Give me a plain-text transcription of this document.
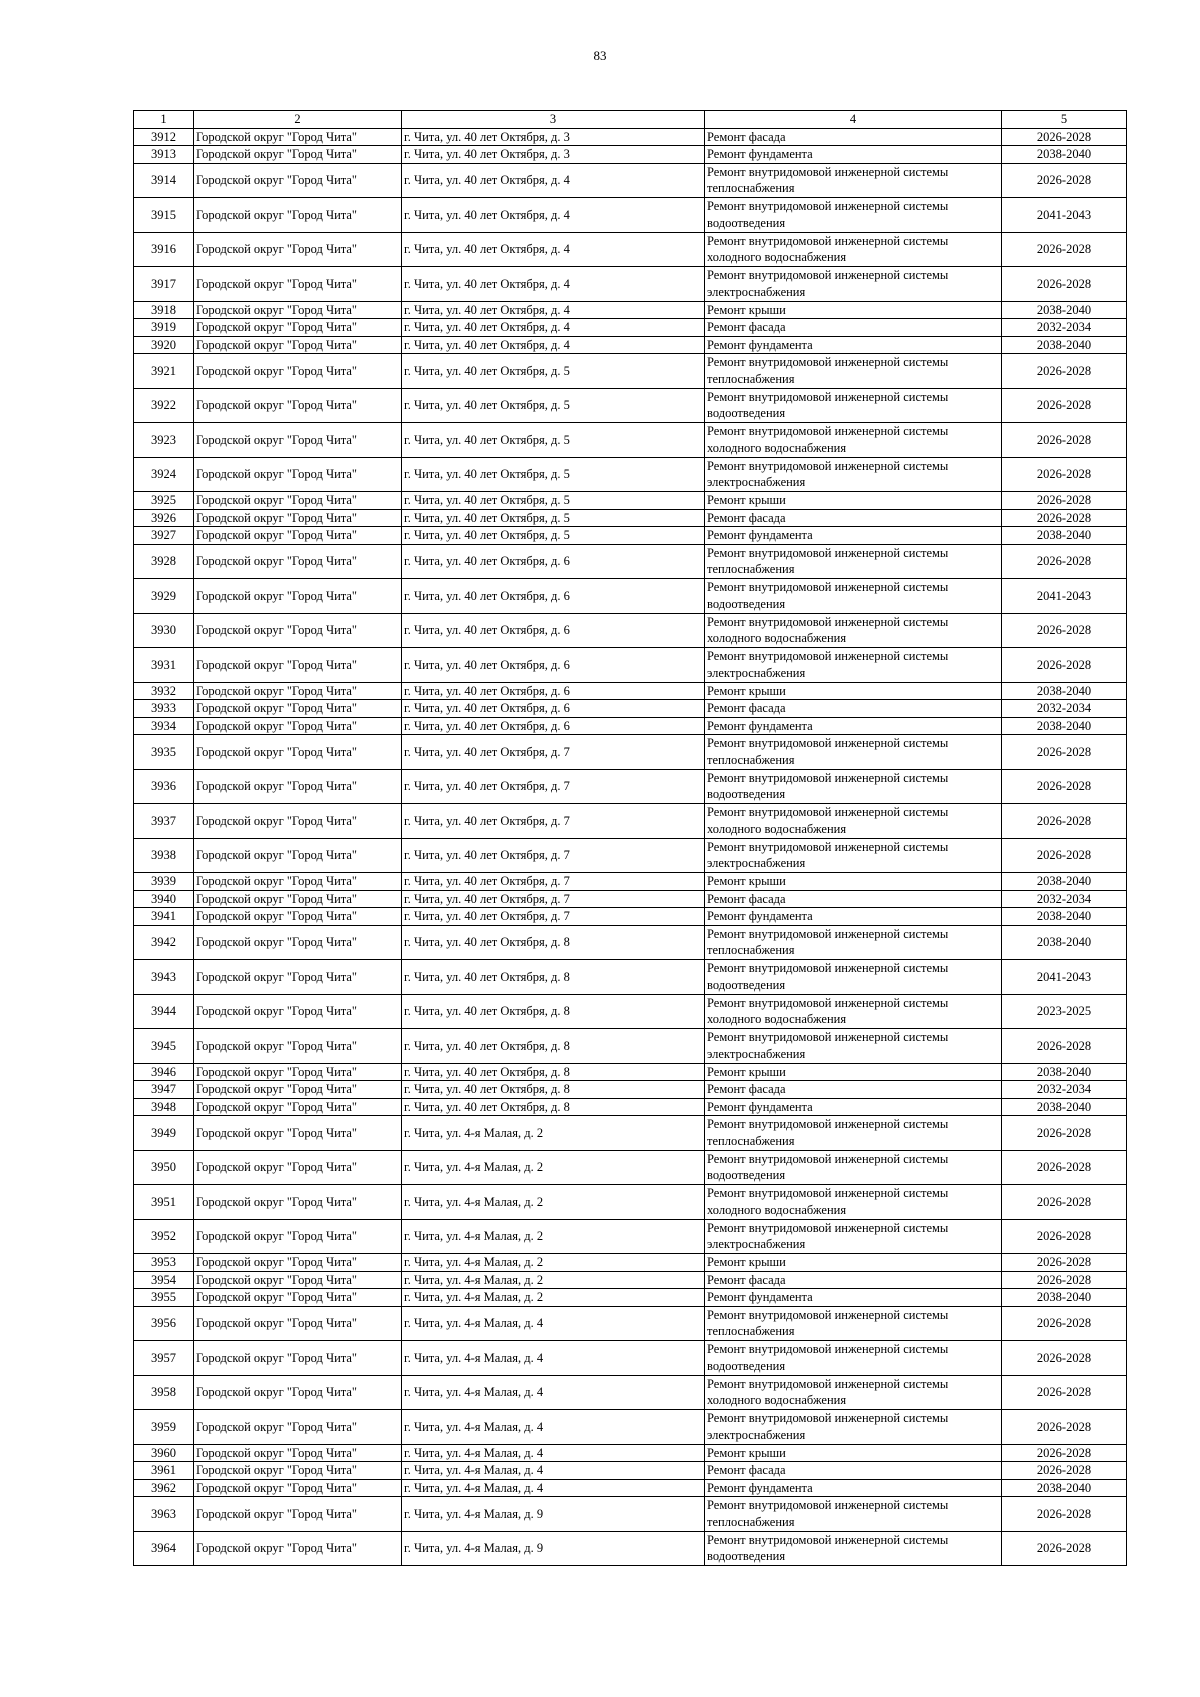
83
1	2	3	4	5
3912	Городской округ "Город Чита"	г. Чита, ул. 40 лет Октября, д. 3	Ремонт фасада	2026-2028
3913	Городской округ "Город Чита"	г. Чита, ул. 40 лет Октября, д. 3	Ремонт фундамента	2038-2040
3914	Городской округ "Город Чита"	г. Чита, ул. 40 лет Октября, д. 4	Ремонт внутридомовой инженерной системы теплоснабжения	2026-2028
3915	Городской округ "Город Чита"	г. Чита, ул. 40 лет Октября, д. 4	Ремонт внутридомовой инженерной системы водоотведения	2041-2043
3916	Городской округ "Город Чита"	г. Чита, ул. 40 лет Октября, д. 4	Ремонт внутридомовой инженерной системы холодного водоснабжения	2026-2028
3917	Городской округ "Город Чита"	г. Чита, ул. 40 лет Октября, д. 4	Ремонт внутридомовой инженерной системы электроснабжения	2026-2028
3918	Городской округ "Город Чита"	г. Чита, ул. 40 лет Октября, д. 4	Ремонт крыши	2038-2040
3919	Городской округ "Город Чита"	г. Чита, ул. 40 лет Октября, д. 4	Ремонт фасада	2032-2034
3920	Городской округ "Город Чита"	г. Чита, ул. 40 лет Октября, д. 4	Ремонт фундамента	2038-2040
3921	Городской округ "Город Чита"	г. Чита, ул. 40 лет Октября, д. 5	Ремонт внутридомовой инженерной системы теплоснабжения	2026-2028
3922	Городской округ "Город Чита"	г. Чита, ул. 40 лет Октября, д. 5	Ремонт внутридомовой инженерной системы водоотведения	2026-2028
3923	Городской округ "Город Чита"	г. Чита, ул. 40 лет Октября, д. 5	Ремонт внутридомовой инженерной системы холодного водоснабжения	2026-2028
3924	Городской округ "Город Чита"	г. Чита, ул. 40 лет Октября, д. 5	Ремонт внутридомовой инженерной системы электроснабжения	2026-2028
3925	Городской округ "Город Чита"	г. Чита, ул. 40 лет Октября, д. 5	Ремонт крыши	2026-2028
3926	Городской округ "Город Чита"	г. Чита, ул. 40 лет Октября, д. 5	Ремонт фасада	2026-2028
3927	Городской округ "Город Чита"	г. Чита, ул. 40 лет Октября, д. 5	Ремонт фундамента	2038-2040
3928	Городской округ "Город Чита"	г. Чита, ул. 40 лет Октября, д. 6	Ремонт внутридомовой инженерной системы теплоснабжения	2026-2028
3929	Городской округ "Город Чита"	г. Чита, ул. 40 лет Октября, д. 6	Ремонт внутридомовой инженерной системы водоотведения	2041-2043
3930	Городской округ "Город Чита"	г. Чита, ул. 40 лет Октября, д. 6	Ремонт внутридомовой инженерной системы холодного водоснабжения	2026-2028
3931	Городской округ "Город Чита"	г. Чита, ул. 40 лет Октября, д. 6	Ремонт внутридомовой инженерной системы электроснабжения	2026-2028
3932	Городской округ "Город Чита"	г. Чита, ул. 40 лет Октября, д. 6	Ремонт крыши	2038-2040
3933	Городской округ "Город Чита"	г. Чита, ул. 40 лет Октября, д. 6	Ремонт фасада	2032-2034
3934	Городской округ "Город Чита"	г. Чита, ул. 40 лет Октября, д. 6	Ремонт фундамента	2038-2040
3935	Городской округ "Город Чита"	г. Чита, ул. 40 лет Октября, д. 7	Ремонт внутридомовой инженерной системы теплоснабжения	2026-2028
3936	Городской округ "Город Чита"	г. Чита, ул. 40 лет Октября, д. 7	Ремонт внутридомовой инженерной системы водоотведения	2026-2028
3937	Городской округ "Город Чита"	г. Чита, ул. 40 лет Октября, д. 7	Ремонт внутридомовой инженерной системы холодного водоснабжения	2026-2028
3938	Городской округ "Город Чита"	г. Чита, ул. 40 лет Октября, д. 7	Ремонт внутридомовой инженерной системы электроснабжения	2026-2028
3939	Городской округ "Город Чита"	г. Чита, ул. 40 лет Октября, д. 7	Ремонт крыши	2038-2040
3940	Городской округ "Город Чита"	г. Чита, ул. 40 лет Октября, д. 7	Ремонт фасада	2032-2034
3941	Городской округ "Город Чита"	г. Чита, ул. 40 лет Октября, д. 7	Ремонт фундамента	2038-2040
3942	Городской округ "Город Чита"	г. Чита, ул. 40 лет Октября, д. 8	Ремонт внутридомовой инженерной системы теплоснабжения	2038-2040
3943	Городской округ "Город Чита"	г. Чита, ул. 40 лет Октября, д. 8	Ремонт внутридомовой инженерной системы водоотведения	2041-2043
3944	Городской округ "Город Чита"	г. Чита, ул. 40 лет Октября, д. 8	Ремонт внутридомовой инженерной системы холодного водоснабжения	2023-2025
3945	Городской округ "Город Чита"	г. Чита, ул. 40 лет Октября, д. 8	Ремонт внутридомовой инженерной системы электроснабжения	2026-2028
3946	Городской округ "Город Чита"	г. Чита, ул. 40 лет Октября, д. 8	Ремонт крыши	2038-2040
3947	Городской округ "Город Чита"	г. Чита, ул. 40 лет Октября, д. 8	Ремонт фасада	2032-2034
3948	Городской округ "Город Чита"	г. Чита, ул. 40 лет Октября, д. 8	Ремонт фундамента	2038-2040
3949	Городской округ "Город Чита"	г. Чита, ул. 4-я Малая, д. 2	Ремонт внутридомовой инженерной системы теплоснабжения	2026-2028
3950	Городской округ "Город Чита"	г. Чита, ул. 4-я Малая, д. 2	Ремонт внутридомовой инженерной системы водоотведения	2026-2028
3951	Городской округ "Город Чита"	г. Чита, ул. 4-я Малая, д. 2	Ремонт внутридомовой инженерной системы холодного водоснабжения	2026-2028
3952	Городской округ "Город Чита"	г. Чита, ул. 4-я Малая, д. 2	Ремонт внутридомовой инженерной системы электроснабжения	2026-2028
3953	Городской округ "Город Чита"	г. Чита, ул. 4-я Малая, д. 2	Ремонт крыши	2026-2028
3954	Городской округ "Город Чита"	г. Чита, ул. 4-я Малая, д. 2	Ремонт фасада	2026-2028
3955	Городской округ "Город Чита"	г. Чита, ул. 4-я Малая, д. 2	Ремонт фундамента	2038-2040
3956	Городской округ "Город Чита"	г. Чита, ул. 4-я Малая, д. 4	Ремонт внутридомовой инженерной системы теплоснабжения	2026-2028
3957	Городской округ "Город Чита"	г. Чита, ул. 4-я Малая, д. 4	Ремонт внутридомовой инженерной системы водоотведения	2026-2028
3958	Городской округ "Город Чита"	г. Чита, ул. 4-я Малая, д. 4	Ремонт внутридомовой инженерной системы холодного водоснабжения	2026-2028
3959	Городской округ "Город Чита"	г. Чита, ул. 4-я Малая, д. 4	Ремонт внутридомовой инженерной системы электроснабжения	2026-2028
3960	Городской округ "Город Чита"	г. Чита, ул. 4-я Малая, д. 4	Ремонт крыши	2026-2028
3961	Городской округ "Город Чита"	г. Чита, ул. 4-я Малая, д. 4	Ремонт фасада	2026-2028
3962	Городской округ "Город Чита"	г. Чита, ул. 4-я Малая, д. 4	Ремонт фундамента	2038-2040
3963	Городской округ "Город Чита"	г. Чита, ул. 4-я Малая, д. 9	Ремонт внутридомовой инженерной системы теплоснабжения	2026-2028
3964	Городской округ "Город Чита"	г. Чита, ул. 4-я Малая, д. 9	Ремонт внутридомовой инженерной системы водоотведения	2026-2028
